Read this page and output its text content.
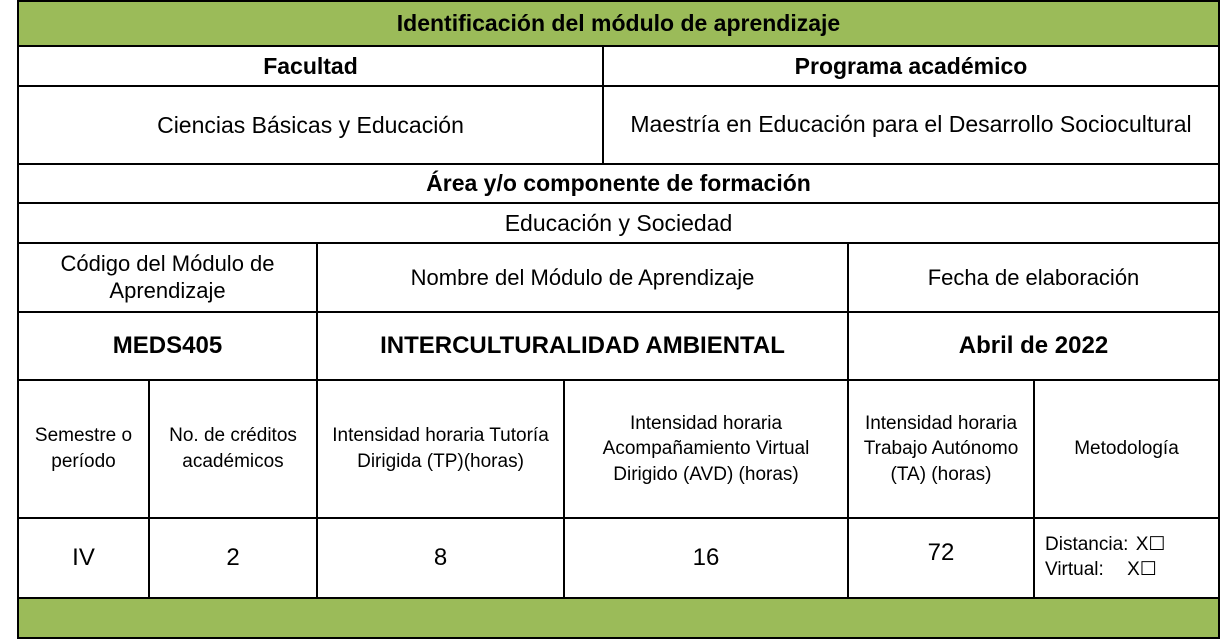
Identificación del módulo de aprendizaje						
Facultad				Programa académico		
Ciencias Básicas y Educación				Maestría en Educación para el Desarrollo Sociocultural		
Área y/o componente de formación						
Educación y Sociedad						
Código del Módulo de Aprendizaje		Nombre del Módulo de Aprendizaje			Fecha de elaboración	
MEDS405		INTERCULTURALIDAD AMBIENTAL			Abril de 2022	
Semestre o período	No. de créditos académicos	Intensidad horaria Tutoría Dirigida (TP)(horas)	Intensidad horaria Acompañamiento Virtual Dirigido (AVD) (horas)		Intensidad horaria Trabajo Autónomo (TA) (horas)	Metodología
IV	2	8	16		72	Distancia: X☐
Virtual: X☐
